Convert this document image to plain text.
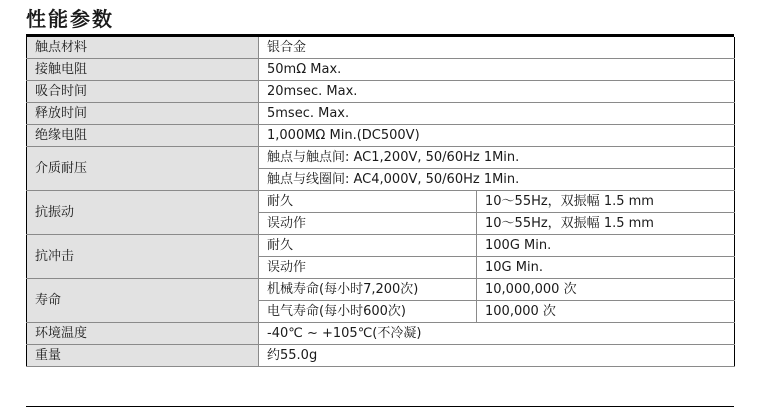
性能参数
触点材料	银合金	
接触电阻	50mΩ Max.	
吸合时间	20msec. Max.	
释放时间	5msec. Max.	
绝缘电阻	1,000MΩ Min.(DC500V)	
介质耐压	触点与触点间: AC1,200V, 50/60Hz 1Min.	
	触点与线圈间: AC4,000V, 50/60Hz 1Min.	
抗振动	耐久	10～55Hz，双振幅 1.5 mm
	误动作	10～55Hz，双振幅 1.5 mm
抗冲击	耐久	100G Min.
	误动作	10G Min.
寿命	机械寿命(每小时7,200次)	10,000,000 次
	电气寿命(每小时600次)	100,000 次
环境温度	-40℃ ~ +105℃(不冷凝)	
重量	约55.0g	
